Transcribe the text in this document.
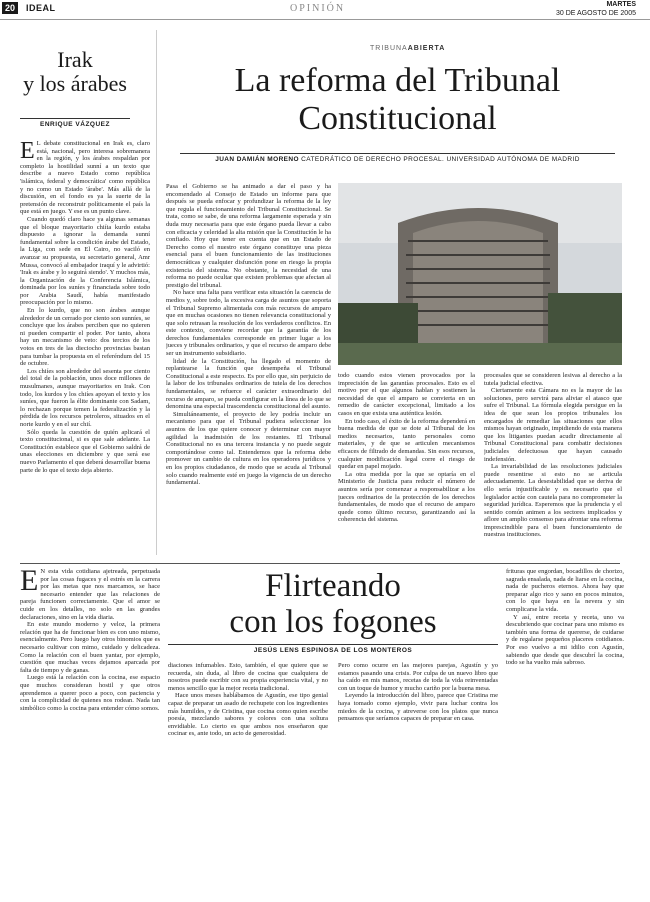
20	IDEAL	OPINIÓN	MARTES
30 DE AGOSTO DE 2005
Irak
y los árabes
ENRIQUE VÁZQUEZ

E L debate constitucional en Irak es, claro está, nacional, pero interesa sobremanera en la región, y los árabes respaldan por completo la hostilidad sunní a un texto que describe a nuevo Estado como república 'islámica, federal y democrática' como república y no como un Estado 'árabe'. Más allá de la discusión, en el fondo es ya la suerte de la pretensión de reconstruir políticamente el país la que está en juego. Y ese es un punto clave.

Cuando quedó claro hace ya algunas semanas que el bloque mayoritario chiíta kurdo estaba dispuesto a ignorar la demanda sunní fundamental sobre la condición árabe del Estado, la Liga, con sede en El Cairo, no vaciló en avanzar su propuesta, su secretario general, Amr Mussa, convocó al embajador iraquí y le advirtió: 'Irak es árabe y lo seguirá siendo'. Y muchos más, la Organización de la Conferencia Islámica, dominada por los suníes y financiada sobre todo por Arabia Saudí, había manifestado preocupación por lo mismo.

En lo kurdo, que no son árabes aunque alrededor de un cerrado por ciento son sunníes, se concluye que los árabes perciben que no quieren ni pueden compartir el poder. Por tanto, ahora hay un mecanismo de veto: dos tercios de los votos en tres de las dieciocho provincias bastan para tumbar la propuesta en el referéndum del 15 de octubre.

Los chiíes son alrededor del sesenta por ciento del total de la población, unos doce millones de musulmanes, aunque mayoritarios en Irak. Con todo, los kurdos y los chiíes apoyan el texto y los suníes, que fueron la élite dominante con Sadam, lo rechazan porque temen la federalización y la pérdida de los recursos petroleros, situados en el norte kurdo y en el sur chií.

Sólo queda la cuestión de quién aplicará el texto constitucional, si es que sale adelante. La Constitución establece que el Gobierno saldrá de unas elecciones en diciembre y que será ese nuevo Parlamento el que deberá desarrollar buena parte de lo que el texto deja abierto.

TRIBUNAABIERTA
La reforma del Tribunal
Constitucional
JUAN DAMIÁN MORENO CATEDRÁTICO DE DERECHO PROCESAL. UNIVERSIDAD AUTÓNOMA DE MADRID

Pasa el Gobierno se ha animado a dar el paso y ha encomendado al Consejo de Estado un informe para que después se pueda enfocar y profundizar la reforma de la ley que regula el funcionamiento del Tribunal Constitucional. Se trata, como se sabe, de una reforma largamente esperada y sin duda muy necesaria para que este órgano pueda llevar a cabo con eficacia y celeridad la alta misión que la Constitución le ha confiado. Hoy que tener en cuenta que en un Estado de Derecho como el nuestro este órgano constituye una pieza esencial para el buen funcionamiento de las instituciones democráticas y cualquier disfunción pone en riesgo la propia existencia del sistema. No obstante, la necesidad de una reforma no puede ocultar que existen problemas que afectan al prestigio del tribunal.

No hace una falta para verificar esta situación la carencia de medios y, sobre todo, la excesiva carga de asuntos que soporta el Tribunal Supremo alimentada con más recursos de amparo que en muchas ocasiones no tienen relevancia constitucional y que solo retrasan la resolución de los verdaderos conflictos. En este contexto, conviene recordar que la garantía de los derechos fundamentales corresponde en primer lugar a los jueces y tribunales ordinarios, y que el recurso de amparo debe ser un instrumento subsidiario.

lidad de la Constitución, ha llegado el momento de replantearse la función que desempeña el Tribunal Constitucional a este respecto. Es por ello que, sin perjuicio de la labor de los tribunales ordinarios de tutela de los derechos fundamentales, se refuerce el carácter extraordinario del recurso de amparo, se pueda configurar en la línea de lo que se denomina una especial trascendencia constitucional del asunto.

Simultáneamente, el proyecto de ley podría incluir un mecanismo para que el Tribunal pudiera seleccionar los asuntos de los que quiere conocer y determinar con mayor agilidad la inadmisión de los restantes. El Tribunal Constitucional no es una tercera instancia y no puede seguir comportándose como tal. Entendemos que la reforma debe promover un cambio de cultura en los operadores jurídicos y en los propios ciudadanos, de modo que se acuda al Tribunal solo cuando realmente esté en juego la vigencia de un derecho fundamental.

todo cuando estos vienen provocados por la imprecisión de las garantías procesales. Esto es el motivo por el que algunos hablan y sostienen la necesidad de que el amparo se convierta en un remedio de carácter excepcional, limitado a los casos en que exista una auténtica lesión.

En todo caso, el éxito de la reforma dependerá en buena medida de que se dote al Tribunal de los medios necesarios, tanto personales como materiales, y de que se articulen mecanismos eficaces de filtrado de demandas. Sin esos recursos, cualquier modificación legal corre el riesgo de quedar en papel mojado.

La otra medida por la que se optaría en el Ministerio de Justicia para reducir el número de asuntos sería por comenzar a responsabilizar a los jueces ordinarios de la protección de los derechos fundamentales, de modo que el recurso de amparo quede como último recurso, garantizando así la coherencia del sistema.

procesales que se consideren lesivas al derecho a la tutela judicial efectiva.

Ciertamente esta Cámara no es la mayor de las soluciones, pero servirá para aliviar el atasco que sufre el Tribunal. La fórmula elegida persigue en la idea de que sean los propios tribunales los encargados de remediar las situaciones que ellos mismos hayan originado, impidiendo de esta manera que los litigantes puedan acudir directamente al Tribunal Constitucional para combatir decisiones judiciales defectuosas que hayan causado indefensión.

La invariabilidad de las resoluciones judiciales puede resentirse si esto no se articula adecuadamente. La desestabilidad que se deriva de ello sería injustificable y es necesario que el legislador actúe con cautela para no comprometer la seguridad jurídica. Esperemos que la prudencia y el sentido común animen a los sectores implicados y aflore un amplio consenso para afrontar una reforma imprescindible para el buen funcionamiento de nuestras instituciones.

E N esta vida cotidiana ajetreada, perpetuada por las cosas fugaces y el estrés en la carrera por las metas que nos marcamos, se hace necesario entender que las relaciones de pareja funcionen correctamente. Que el amor se cuide en los detalles, no solo en las grandes declaraciones, sino en la vida diaria.

En este mundo moderno y veloz, la primera relación que ha de funcionar bien es con uno mismo, esencialmente. Pero luego hay otros binomios que es necesario cultivar con mimo, cuidado y delicadeza. Como la relación con el buen yantar, por ejemplo, cuestión que muchas veces dejamos aparcada por falta de tiempo y de ganas.

Luego está la relación con la cocina, ese espacio que muchos consideran hostil y que otros aprendemos a querer poco a poco, con paciencia y con la complicidad de quienes nos rodean. Nada tan simbólico como la cocina para entender cómo somos.

Flirteando
con los fogones
JESÚS LENS ESPINOSA DE LOS MONTEROS

diaciones infumables. Esto, también, el que quiere que se recuerda, sin duda, al libro de cocina que cualquiera de nosotros puede escribir con su propia experiencia vital, y no menos sencillo que la mejor receta tradicional.

Hace unos meses hablábamos de Agustín, ese tipo genial capaz de preparar un asado de rechupete con los ingredientes más humildes, y de Cristina, que cocina como quien escribe poesía, mezclando sabores y colores con una soltura envidiable. Lo cierto es que ambos nos enseñaron que cocinar es, ante todo, un acto de generosidad.

Pero como ocurre en las mejores parejas, Agustín y yo estamos pasando una crisis. Por culpa de un nuevo libro que ha caído en mis manos, recetas de toda la vida reinventadas con un toque de humor y mucho cariño por la buena mesa.

Leyendo la introducción del libro, parece que Cristina me haya tomado como ejemplo, vivir para luchar contra los miedos de la cocina, y atreverse con los platos que nunca pensamos que seríamos capaces de preparar en casa.

frituras que engordan, bocadillos de chorizo, sagrada ensalada, nada de liarse en la cocina, nada de pucheros eternos. Ahora hay que preparar algo rico y sano en pocos minutos, con lo que haya en la nevera y sin complicarse la vida.

Y así, entre receta y receta, uno va descubriendo que cocinar para uno mismo es también una forma de quererse, de cuidarse y de regalarse pequeños placeres cotidianos. Por eso vuelvo a mi idilio con Agustín, sabiendo que desde que descubrí la cocina, todo se ha vuelto más sabroso.
